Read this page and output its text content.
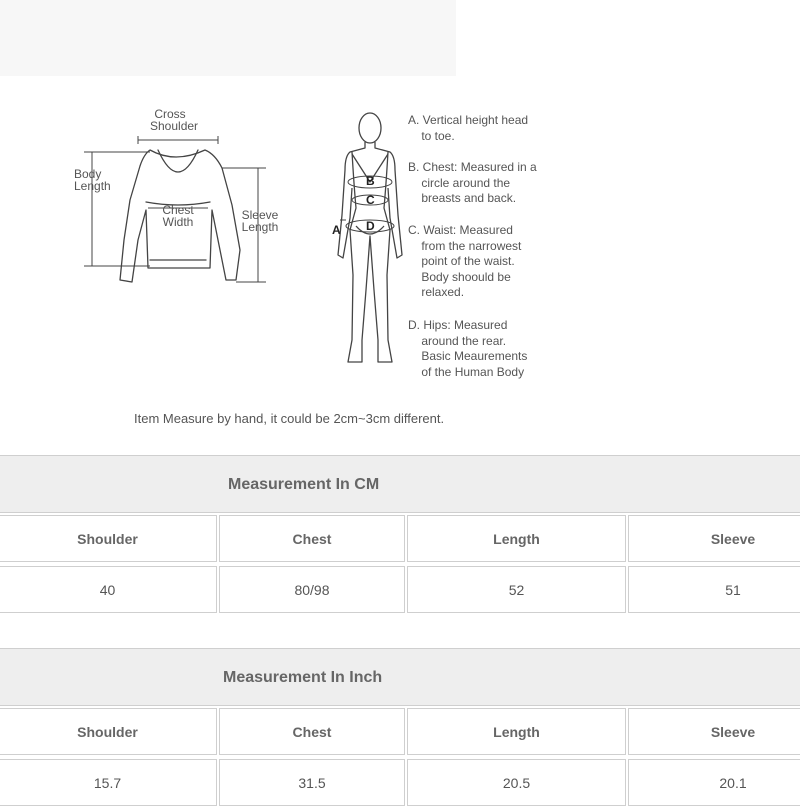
Cross
Shoulder
Body
Length
Chest
Width	Sleeve
Length	A
B
C
D
A. Vertical height head
to toe.
B. Chest: Measured in a
circle around the
breasts and back.
C. Waist: Measured
from the narrowest
point of the waist.
Body shoould be
relaxed.
D. Hips: Measured
around the rear.
Basic Meaurements
of the Human Body
Item Measure by hand, it could be 2cm~3cm different.
Measurement In CM
Shoulder	Chest	Length	Sleeve
40	80/98	52	51
Measurement In Inch
Shoulder	Chest	Length	Sleeve
15.7	31.5	20.5	20.1
